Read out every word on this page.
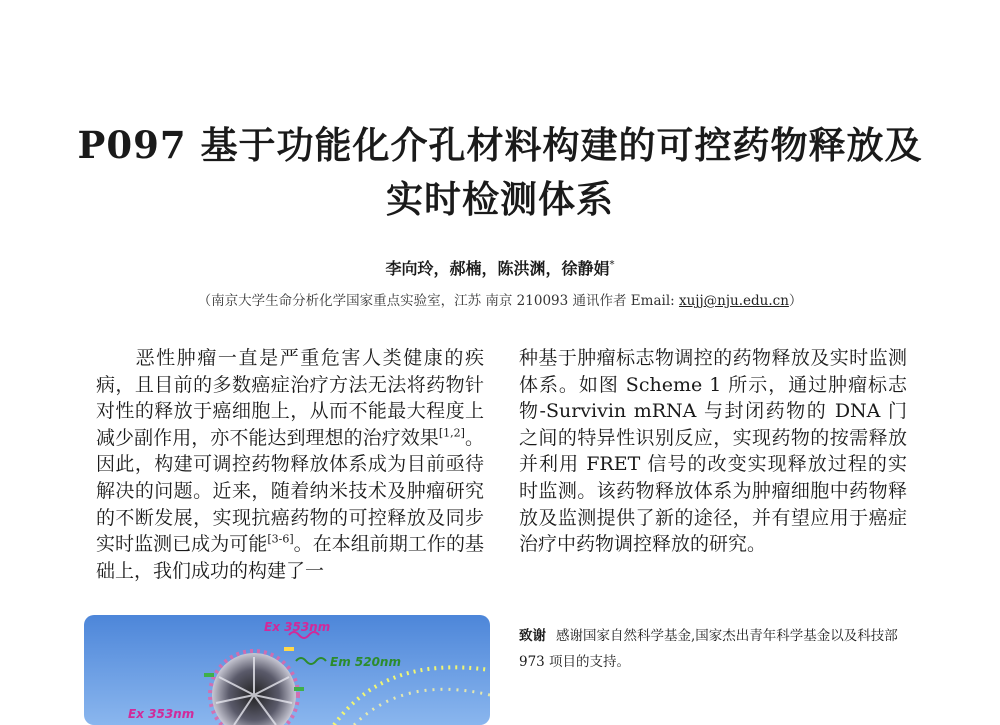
P097 基于功能化介孔材料构建的可控药物释放及
实时检测体系
李向玲，郝楠，陈洪渊，徐静娟*
（南京大学生命分析化学国家重点实验室，江苏 南京 210093 通讯作者 Email: xujj@nju.edu.cn）
恶性肿瘤一直是严重危害人类健康的疾病，且目前的多数癌症治疗方法无法将药物针对性的释放于癌细胞上，从而不能最大程度上减少副作用，亦不能达到理想的治疗效果[1,2]。因此，构建可调控药物释放体系成为目前亟待解决的问题。近来，随着纳米技术及肿瘤研究的不断发展，实现抗癌药物的可控释放及同步实时监测已成为可能[3-6]。在本组前期工作的基础上，我们成功的构建了一
种基于肿瘤标志物调控的药物释放及实时监测体系。如图 Scheme 1 所示，通过肿瘤标志物-Survivin mRNA 与封闭药物的 DNA 门之间的特异性识别反应，实现药物的按需释放并利用 FRET 信号的改变实现释放过程的实时监测。该药物释放体系为肿瘤细胞中药物释放及监测提供了新的途径，并有望应用于癌症治疗中药物调控释放的研究。
致谢 感谢国家自然科学基金,国家杰出青年科学基金以及科技部 973 项目的支持。
Ex 353nm
Em 520nm
Ex 353nm
